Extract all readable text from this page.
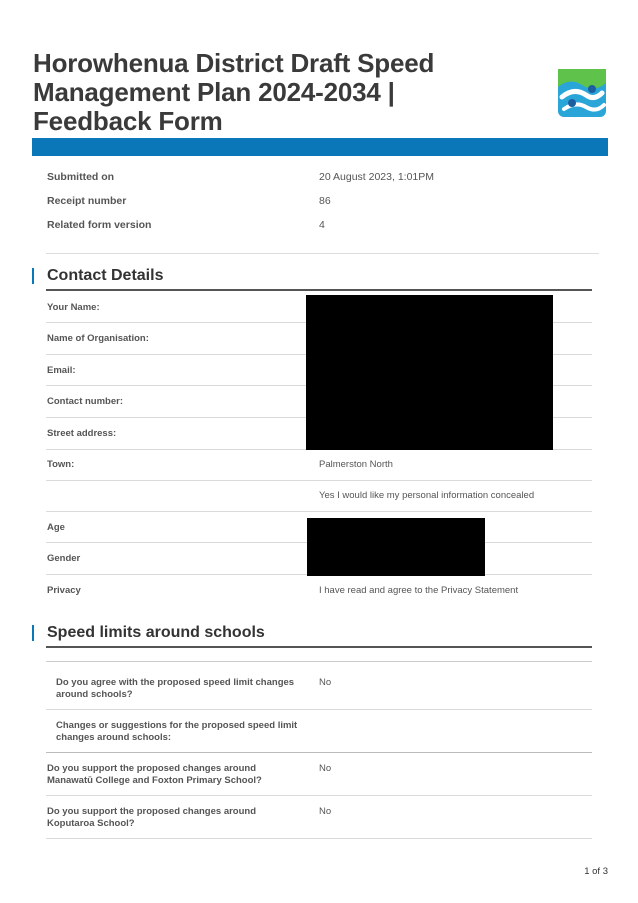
Horowhenua District Draft Speed
Management Plan 2024-2034 |
Feedback Form
Submitted on	20 August 2023, 1:01PM
Receipt number	86
Related form version	4
Contact Details
Your Name:
Name of Organisation:
Email:
Contact number:
Street address:
Town:	Palmerston North
Yes I would like my personal information concealed
Age
Gender
Privacy	I have read and agree to the Privacy Statement
Speed limits around schools
Do you agree with the proposed speed limit changes around schools?
No
Changes or suggestions for the proposed speed limit changes around schools:
Do you support the proposed changes around Manawatū College and Foxton Primary School?
No
Do you support the proposed changes around Koputaroa School?
No
1 of 3
